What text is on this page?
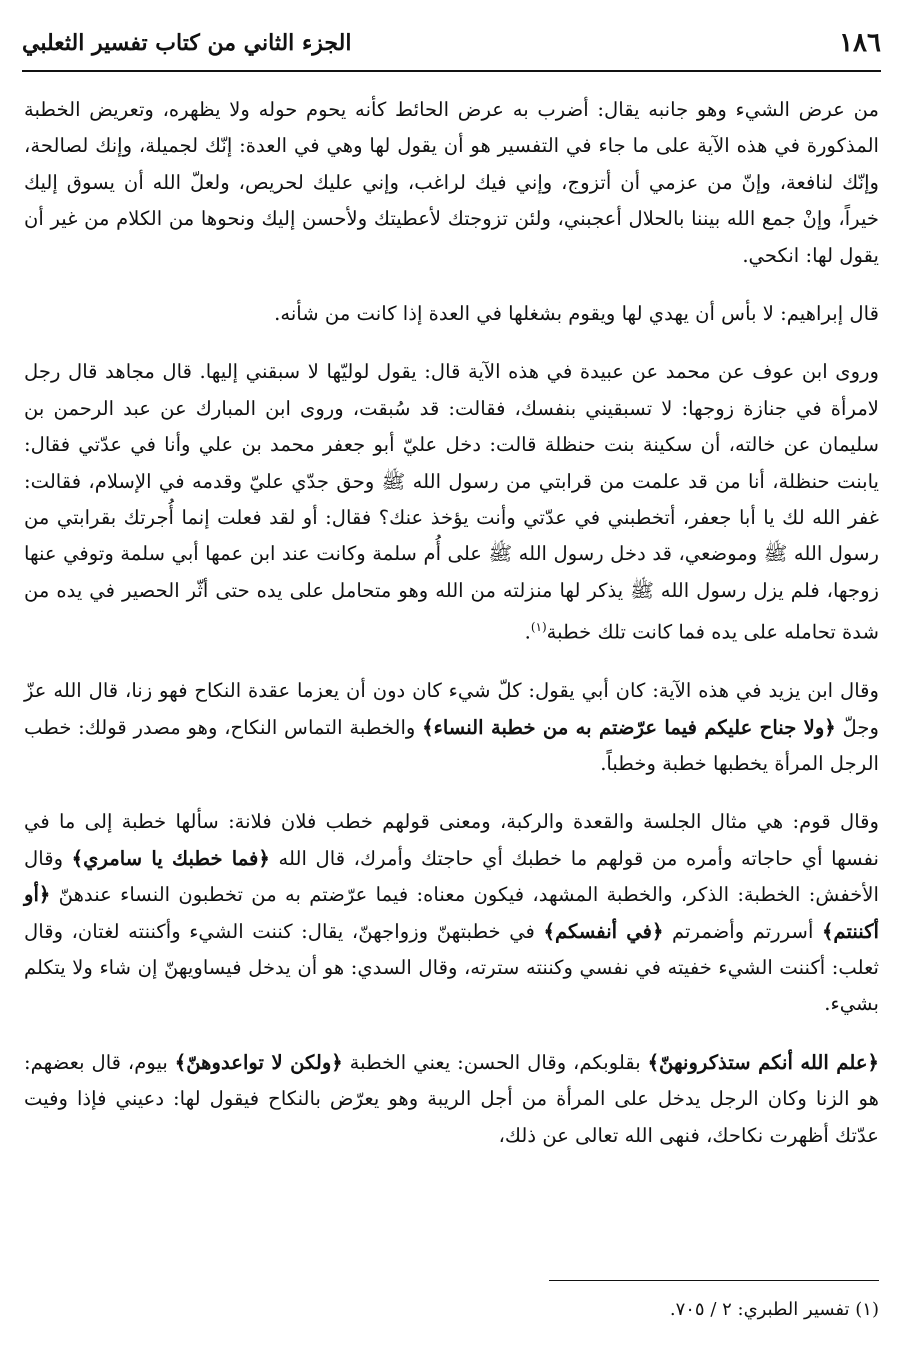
١٨٦
الجزء الثاني من كتاب تفسير الثعلبي

من عرض الشيء وهو جانبه يقال: أضرب به عرض الحائط كأنه يحوم حوله ولا يظهره، وتعريض الخطبة المذكورة في هذه الآية على ما جاء في التفسير هو أن يقول لها وهي في العدة: إنّك لجميلة، وإنك لصالحة، وإنّك لنافعة، وإنّ من عزمي أن أتزوج، وإني فيك لراغب، وإني عليك لحريص، ولعلّ الله أن يسوق إليك خيراً، وإنْ جمع الله بيننا بالحلال أعجبني، ولئن تزوجتك لأعطيتك ولأحسن إليك ونحوها من الكلام من غير أن يقول لها: انكحي.

قال إبراهيم: لا بأس أن يهدي لها ويقوم بشغلها في العدة إذا كانت من شأنه.

وروى ابن عوف عن محمد عن عبيدة في هذه الآية قال: يقول لوليّها لا سبقني إليها. قال مجاهد قال رجل لامرأة في جنازة زوجها: لا تسبقيني بنفسك، فقالت: قد سُبقت، وروى ابن المبارك عن عبد الرحمن بن سليمان عن خالته، أن سكينة بنت حنظلة قالت: دخل عليّ أبو جعفر محمد بن علي وأنا في عدّتي فقال: يابنت حنظلة، أنا من قد علمت من قرابتي من رسول الله ﷺ وحق جدّي عليّ وقدمه في الإسلام، فقالت: غفر الله لك يا أبا جعفر، أتخطبني في عدّتي وأنت يؤخذ عنك؟ فقال: أو لقد فعلت إنما أُجرتك بقرابتي من رسول الله ﷺ وموضعي، قد دخل رسول الله ﷺ على أُم سلمة وكانت عند ابن عمها أبي سلمة وتوفي عنها زوجها، فلم يزل رسول الله ﷺ يذكر لها منزلته من الله وهو متحامل على يده حتى أثّر الحصير في يده من شدة تحامله على يده فما كانت تلك خطبة$^{(١)}$.

وقال ابن يزيد في هذه الآية: كان أبي يقول: كلّ شيء كان دون أن يعزما عقدة النكاح فهو زنا، قال الله عزّ وجلّ ﴿ولا جناح عليكم فيما عرّضتم به من خطبة النساء﴾ والخطبة التماس النكاح، وهو مصدر قولك: خطب الرجل المرأة يخطبها خطبة وخطباً.

وقال قوم: هي مثال الجلسة والقعدة والركبة، ومعنى قولهم خطب فلان فلانة: سألها خطبة إلى ما في نفسها أي حاجاته وأمره من قولهم ما خطبك أي حاجتك وأمرك، قال الله ﴿فما خطبك يا سامري﴾ وقال الأخفش: الخطبة: الذكر، والخطبة المشهد، فيكون معناه: فيما عرّضتم به من تخطبون النساء عندهنّ ﴿أو أكننتم﴾ أسررتم وأضمرتم ﴿في أنفسكم﴾ في خطبتهنّ وزواجهنّ، يقال: كننت الشيء وأكننته لغتان، وقال ثعلب: أكننت الشيء خفيته في نفسي وكننته سترته، وقال السدي: هو أن يدخل فيساويهنّ إن شاء ولا يتكلم بشيء.

﴿علم الله أنكم ستذكرونهنّ﴾ بقلوبكم، وقال الحسن: يعني الخطبة ﴿ولكن لا تواعدوهنّ﴾ بيوم، قال بعضهم: هو الزنا وكان الرجل يدخل على المرأة من أجل الريبة وهو يعرّض بالنكاح فيقول لها: دعيني فإذا وفيت عدّتك أظهرت نكاحك، فنهى الله تعالى عن ذلك،

(١) تفسير الطبري: ٢ / ٧٠٥.
